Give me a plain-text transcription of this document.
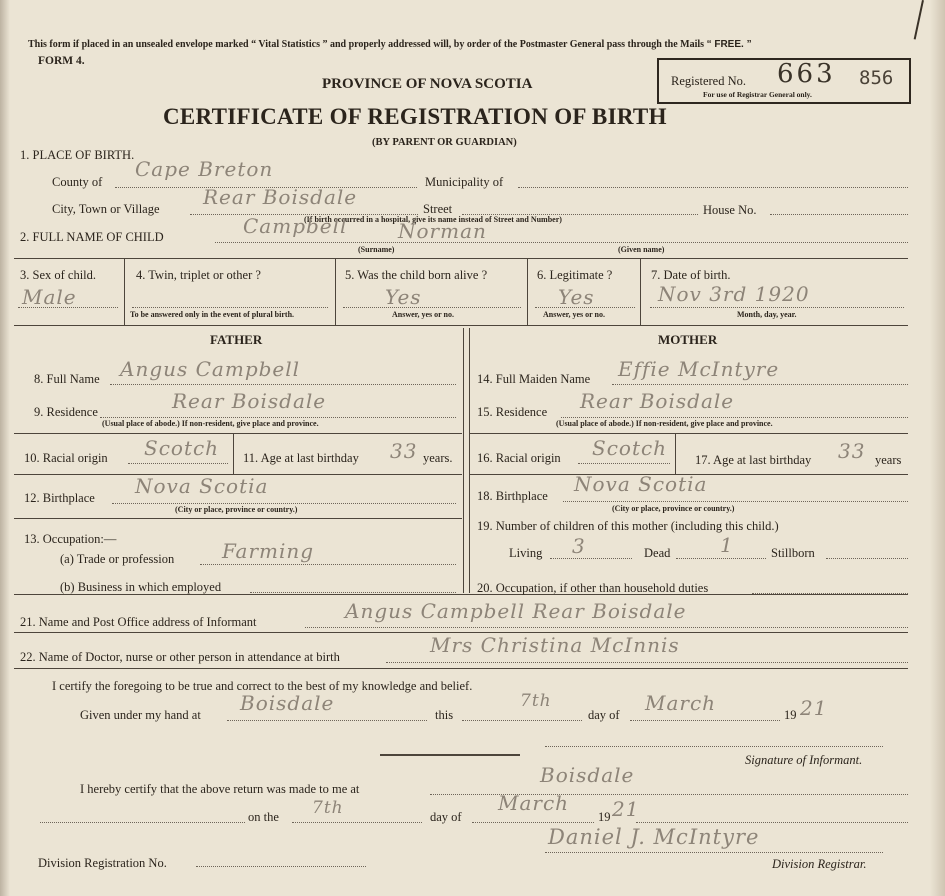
This form if placed in an unsealed envelope marked “ Vital Statistics ” and properly addressed will, by order of the Postmaster General pass through the Mails “ FREE. ”
FORM 4.
PROVINCE OF NOVA SCOTIA
CERTIFICATE OF REGISTRATION OF BIRTH
(BY PARENT OR GUARDIAN)
Registered No.
For use of Registrar General only.
663 856
1. PLACE OF BIRTH.
County of
Cape Breton
Municipality of
City, Town or Village Rear Boisdale	Street	House No.
(If birth occurred in a hospital, give its name instead of Street and Number)
2. FULL NAME OF CHILD	Campbell	Norman
(Surname)	(Given name)
3. Sex of child.
Male
4. Twin, triplet or other ?
To be answered only in the event of plural birth.
5. Was the child born alive ?
Yes
Answer, yes or no.
6. Legitimate ?
Yes
Answer, yes or no.
7. Date of birth.
Nov 3rd 1920
Month, day, year.
FATHER	MOTHER
8. Full Name Angus Campbell
9. Residence	Rear Boisdale
(Usual place of abode.) If non-resident, give place and province.
10. Racial origin Scotch 11. Age at last birthday 33 years.
12. Birthplace Nova Scotia
(City or place, province or country.)
13. Occupation:—
(a) Trade or profession Farming
(b) Business in which employed
14. Full Maiden Name Effie McIntyre
15. Residence Rear Boisdale
(Usual place of abode.) If non-resident, give place and province.
16. Racial origin Scotch 17. Age at last birthday 33 years
18. Birthplace Nova Scotia
(City or place, province or country.)
19. Number of children of this mother (including this child.)
Living 3	Dead 1	Stillborn
20. Occupation, if other than household duties
21. Name and Post Office address of Informant	Angus Campbell Rear Boisdale
22. Name of Doctor, nurse or other person in attendance at birth	Mrs Christina McInnis
I certify the foregoing to be true and correct to the best of my knowledge and belief.
Given under my hand at Boisdale	this
7th
day of March	19 21
Signature of Informant.
I hereby certify that the above return was made to me at
Boisdale
on the 7th	day of
March
19 21
Daniel J. McIntyre
Division Registration No.	Division Registrar.
